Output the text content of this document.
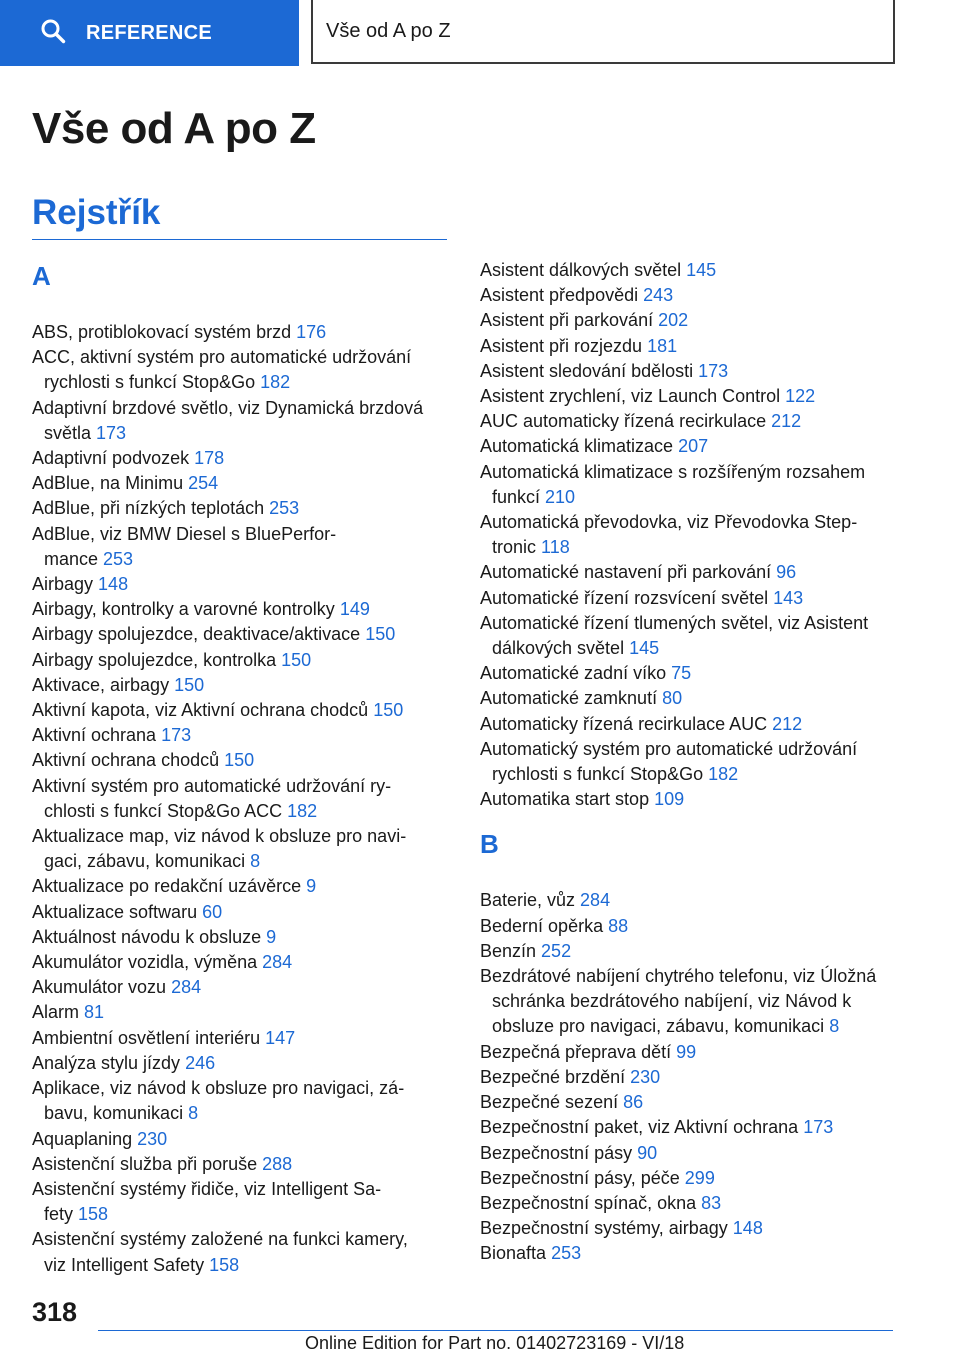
REFERENCE	Vše od A po Z
Vše od A po Z
Rejstřík
A
ABS, protiblokovací systém brzd 176
ACC, aktivní systém pro automatické udržování
rychlosti s funkcí Stop&Go 182
Adaptivní brzdové světlo, viz Dynamická brzdová
světla 173
Adaptivní podvozek 178
AdBlue, na Minimu 254
AdBlue, při nízkých teplotách 253
AdBlue, viz BMW Diesel s BluePerfor-
mance 253
Airbagy 148
Airbagy, kontrolky a varovné kontrolky 149
Airbagy spolujezdce, deaktivace/aktivace 150
Airbagy spolujezdce, kontrolka 150
Aktivace, airbagy 150
Aktivní kapota, viz Aktivní ochrana chodců 150
Aktivní ochrana 173
Aktivní ochrana chodců 150
Aktivní systém pro automatické udržování ry-
chlosti s funkcí Stop&Go ACC 182
Aktualizace map, viz návod k obsluze pro navi-
gaci, zábavu, komunikaci 8
Aktualizace po redakční uzávěrce 9
Aktualizace softwaru 60
Aktuálnost návodu k obsluze 9
Akumulátor vozidla, výměna 284
Akumulátor vozu 284
Alarm 81
Ambientní osvětlení interiéru 147
Analýza stylu jízdy 246
Aplikace, viz návod k obsluze pro navigaci, zá-
bavu, komunikaci 8
Aquaplaning 230
Asistenční služba při poruše 288
Asistenční systémy řidiče, viz Intelligent Sa-
fety 158
Asistenční systémy založené na funkci kamery,
viz Intelligent Safety 158
Asistent dálkových světel 145
Asistent předpovědi 243
Asistent při parkování 202
Asistent při rozjezdu 181
Asistent sledování bdělosti 173
Asistent zrychlení, viz Launch Control 122
AUC automaticky řízená recirkulace 212
Automatická klimatizace 207
Automatická klimatizace s rozšířeným rozsahem
funkcí 210
Automatická převodovka, viz Převodovka Step-
tronic 118
Automatické nastavení při parkování 96
Automatické řízení rozsvícení světel 143
Automatické řízení tlumených světel, viz Asistent
dálkových světel 145
Automatické zadní víko 75
Automatické zamknutí 80
Automaticky řízená recirkulace AUC 212
Automatický systém pro automatické udržování
rychlosti s funkcí Stop&Go 182
Automatika start stop 109
B
Baterie, vůz 284
Bederní opěrka 88
Benzín 252
Bezdrátové nabíjení chytrého telefonu, viz Úložná
schránka bezdrátového nabíjení, viz Návod k
obsluze pro navigaci, zábavu, komunikaci 8
Bezpečná přeprava dětí 99
Bezpečné brzdění 230
Bezpečné sezení 86
Bezpečnostní paket, viz Aktivní ochrana 173
Bezpečnostní pásy 90
Bezpečnostní pásy, péče 299
Bezpečnostní spínač, okna 83
Bezpečnostní systémy, airbagy 148
Bionafta 253
318
Online Edition for Part no. 01402723169 - VI/18
